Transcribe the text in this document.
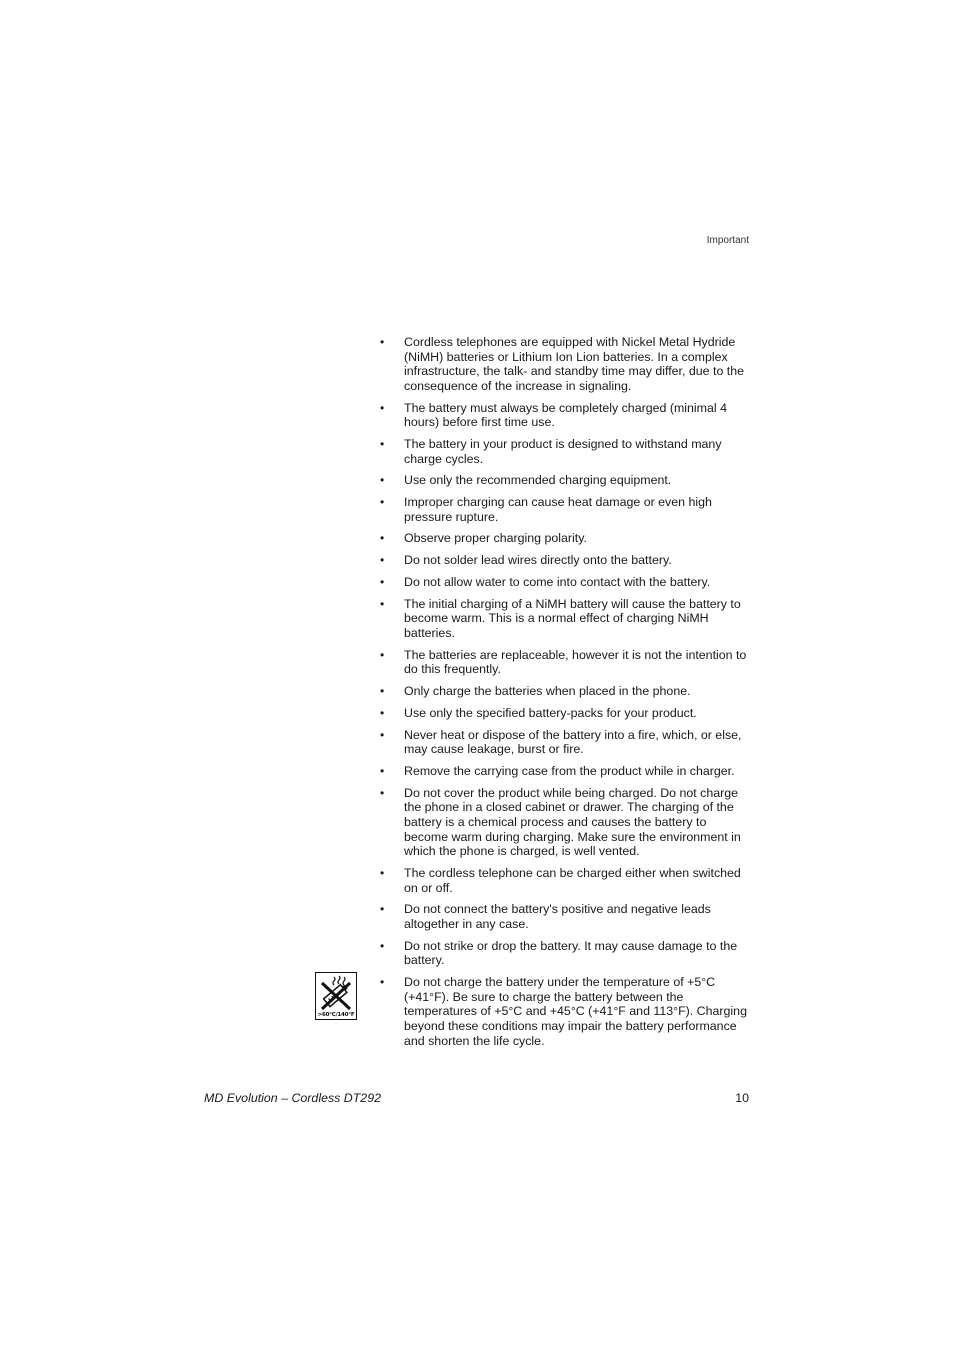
Important
• Cordless telephones are equipped with Nickel Metal Hydride (NiMH) batteries or Lithium Ion Lion batteries. In a complex infrastructure, the talk- and standby time may differ, due to the consequence of the increase in signaling.
• The battery must always be completely charged (minimal 4 hours) before first time use.
• The battery in your product is designed to withstand many charge cycles.
• Use only the recommended charging equipment.
• Improper charging can cause heat damage or even high pressure rupture.
• Observe proper charging polarity.
• Do not solder lead wires directly onto the battery.
• Do not allow water to come into contact with the battery.
• The initial charging of a NiMH battery will cause the battery to become warm. This is a normal effect of charging NiMH batteries.
• The batteries are replaceable, however it is not the intention to do this frequently.
• Only charge the batteries when placed in the phone.
• Use only the specified battery-packs for your product.
• Never heat or dispose of the battery into a fire, which, or else, may cause leakage, burst or fire.
• Remove the carrying case from the product while in charger.
• Do not cover the product while being charged. Do not charge the phone in a closed cabinet or drawer. The charging of the battery is a chemical process and causes the battery to become warm during charging. Make sure the environment in which the phone is charged, is well vented.
• The cordless telephone can be charged either when switched on or off.
• Do not connect the battery's positive and negative leads altogether in any case.
• Do not strike or drop the battery. It may cause damage to the battery.
• Do not charge the battery under the temperature of +5°C (+41°F). Be sure to charge the battery between the temperatures of +5°C and +45°C (+41°F and 113°F). Charging beyond these conditions may impair the battery performance and shorten the life cycle.
>60°C/140°F
MD Evolution – Cordless DT292	10
